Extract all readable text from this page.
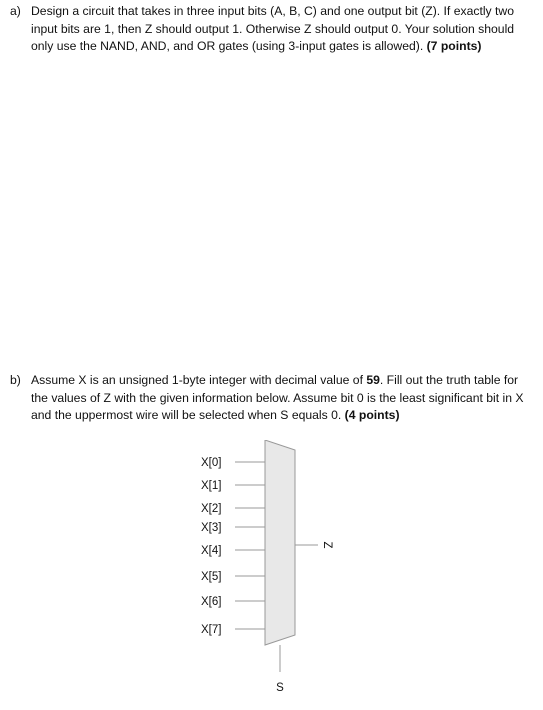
a) Design a circuit that takes in three input bits (A, B, C) and one output bit (Z). If exactly two input bits are 1, then Z should output 1. Otherwise Z should output 0. Your solution should only use the NAND, AND, and OR gates (using 3-input gates is allowed). (7 points)
b) Assume X is an unsigned 1-byte integer with decimal value of 59. Fill out the truth table for the values of Z with the given information below. Assume bit 0 is the least significant bit in X and the uppermost wire will be selected when S equals 0. (4 points)
X[0]
X[1]
X[2]
X[3]
X[4]
X[5]
X[6]
X[7]
Z
S
